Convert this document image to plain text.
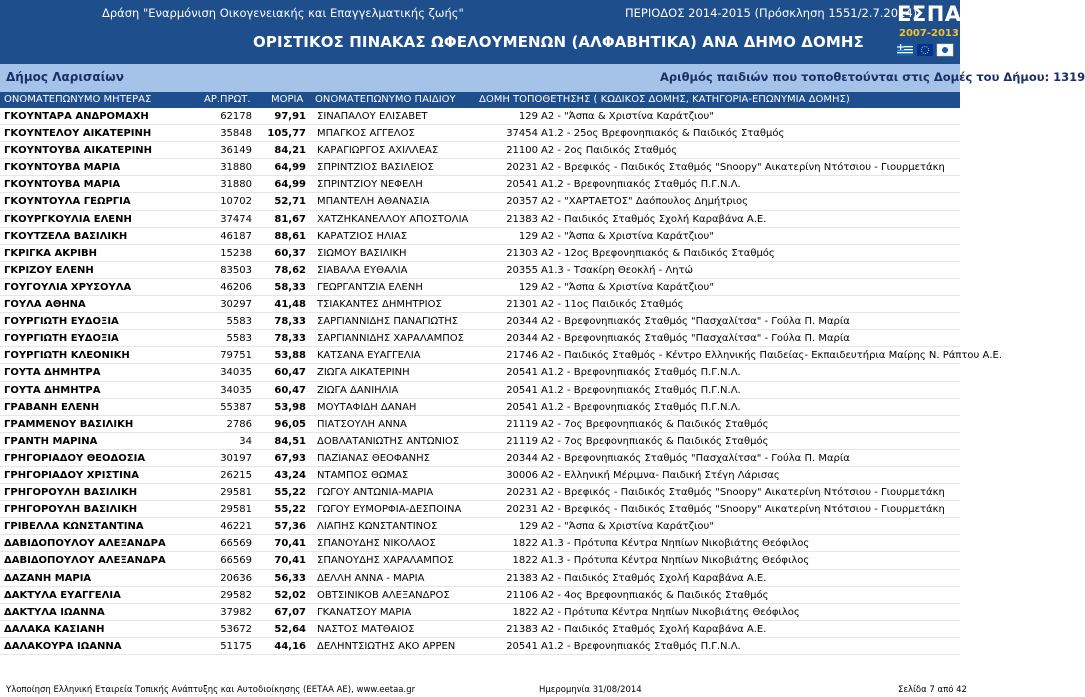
Δράση "Εναρμόνιση Οικογενειακής και Επαγγελματικής ζωής"	ΠΕΡΙΟΔΟΣ 2014-2015 (Πρόσκληση 1551/2.7.2014)
ΟΡΙΣΤΙΚΟΣ ΠΙΝΑΚΑΣ ΩΦΕΛΟΥΜΕΝΩΝ (ΑΛΦΑΒΗΤΙΚΑ) ΑΝΑ ΔΗΜΟ ΔΟΜΗΣ
ΕΣΠΑ
2007-2013
Δήμος Λαρισαίων	Αριθμός παιδιών που τοποθετούνται στις Δομές του Δήμου: 1319
ΟΝΟΜΑΤΕΠΩΝΥΜΟ ΜΗΤΕΡΑΣ	ΑΡ.ΠΡΩΤ. ΜΟΡΙΑ ΟΝΟΜΑΤΕΠΩΝΥΜΟ ΠΑΙΔΙΟΥ ΔΟΜΗ ΤΟΠΟΘΕΤΗΣΗΣ ( ΚΩΔΙΚΟΣ ΔΟΜΗΣ, ΚΑΤΗΓΟΡΙΑ-ΕΠΩΝΥΜΙΑ ΔΟΜΗΣ)
ΓΚΟΥΝΤΑΡΑ ΑΝΔΡΟΜΑΧΗ	62178	97,91 ΣΙΝΑΠΑΛΟΥ ΕΛΙΣΑΒΕΤ	129 Α2 - "Άσπα & Χριστίνα Καράτζιου"
ΓΚΟΥΝΤΕΛΟΥ ΑΙΚΑΤΕΡΙΝΗ	35848	105,77 ΜΠΑΓΚΟΣ ΑΓΓΕΛΟΣ	37454 Α1.2 - 25ος Βρεφονηπιακός & Παιδικός Σταθμός
ΓΚΟΥΝΤΟΥΒΑ ΑΙΚΑΤΕΡΙΝΗ	36149	84,21 ΚΑΡΑΓΙΩΡΓΟΣ ΑΧΙΛΛΕΑΣ	21100 Α2 - 2ος Παιδικός Σταθμός
ΓΚΟΥΝΤΟΥΒΑ ΜΑΡΙΑ	31880	64,99 ΣΠΡΙΝΤΖΙΟΣ ΒΑΣΙΛΕΙΟΣ	20231 Α2 - Βρεφικός - Παιδικός Σταθμός "Snoopy" Αικατερίνη Ντότσιου - Γιουρμετάκη
ΓΚΟΥΝΤΟΥΒΑ ΜΑΡΙΑ	31880	64,99 ΣΠΡΙΝΤΖΙΟΥ ΝΕΦΕΛΗ	20541 Α1.2 - Βρεφονηπιακός Σταθμός Π.Γ.Ν.Λ.
ΓΚΟΥΝΤΟΥΛΑ ΓΕΩΡΓΙΑ	10702	52,71 ΜΠΑΝΤΕΛΗ ΑΘΑΝΑΣΙΑ	20357 Α2 - "ΧΑΡΤΑΕΤΟΣ" Δαόπουλος Δημήτριος
ΓΚΟΥΡΓΚΟΥΛΙΑ ΕΛΕΝΗ	37474	81,67 ΧΑΤΖΗΚΑΝΕΛΛΟΥ ΑΠΟΣΤΟΛΙΑ	21383 Α2 - Παιδικός Σταθμός Σχολή Καραβάνα Α.Ε.
ΓΚΟΥΤΖΕΛΑ ΒΑΣΙΛΙΚΗ	46187	88,61 ΚΑΡΑΤΖΙΟΣ ΗΛΙΑΣ	129 Α2 - "Άσπα & Χριστίνα Καράτζιου"
ΓΚΡΙΓΚΑ ΑΚΡΙΒΗ	15238	60,37 ΣΙΩΜΟΥ ΒΑΣΙΛΙΚΗ	21303 Α2 - 12ος Βρεφονηπιακός & Παιδικός Σταθμός
ΓΚΡΙΖΟΥ ΕΛΕΝΗ	83503	78,62 ΣΙΑΒΑΛΑ ΕΥΘΑΛΙΑ	20355 Α1.3 - Τσακίρη Θεοκλή - Λητώ
ΓΟΥΓΟΥΛΙΑ ΧΡΥΣΟΥΛΑ	46206	58,33 ΓΕΩΡΓΑΝΤΖΙΑ ΕΛΕΝΗ	129 Α2 - "Άσπα & Χριστίνα Καράτζιου"
ΓΟΥΛΑ ΑΘΗΝΑ	30297	41,48 ΤΣΙΑΚΑΝΤΕΣ ΔΗΜΗΤΡΙΟΣ	21301 Α2 - 11ος Παιδικός Σταθμός
ΓΟΥΡΓΙΩΤΗ ΕΥΔΟΞΙΑ	5583	78,33 ΣΑΡΓΙΑΝΝΙΔΗΣ ΠΑΝΑΓΙΩΤΗΣ	20344 Α2 - Βρεφονηπιακός Σταθμός "Πασχαλίτσα" - Γούλα Π. Μαρία
ΓΟΥΡΓΙΩΤΗ ΕΥΔΟΞΙΑ	5583	78,33 ΣΑΡΓΙΑΝΝΙΔΗΣ ΧΑΡΑΛΑΜΠΟΣ	20344 Α2 - Βρεφονηπιακός Σταθμός "Πασχαλίτσα" - Γούλα Π. Μαρία
ΓΟΥΡΓΙΩΤΗ ΚΛΕΟΝΙΚΗ	79751	53,88 ΚΑΤΣΑΝΑ ΕΥΑΓΓΕΛΙΑ	21746 Α2 - Παιδικός Σταθμός - Κέντρο Ελληνικής Παιδείας- Εκπαιδευτήρια Μαίρης Ν. Ράπτου Α.Ε.
ΓΟΥΤΑ ΔΗΜΗΤΡΑ	34035	60,47 ΖΙΩΓΑ ΑΙΚΑΤΕΡΙΝΗ	20541 Α1.2 - Βρεφονηπιακός Σταθμός Π.Γ.Ν.Λ.
ΓΟΥΤΑ ΔΗΜΗΤΡΑ	34035	60,47 ΖΙΩΓΑ ΔΑΝΙΗΛΙΑ	20541 Α1.2 - Βρεφονηπιακός Σταθμός Π.Γ.Ν.Λ.
ΓΡΑΒΑΝΗ ΕΛΕΝΗ	55387	53,98 ΜΟΥΤΑΦΙΔΗ ΔΑΝΑΗ	20541 Α1.2 - Βρεφονηπιακός Σταθμός Π.Γ.Ν.Λ.
ΓΡΑΜΜΕΝΟΥ ΒΑΣΙΛΙΚΗ	2786	96,05 ΠΙΑΤΣΟΥΛΗ ΑΝΝΑ	21119 Α2 - 7ος Βρεφονηπιακός & Παιδικός Σταθμός
ΓΡΑΝΤΗ ΜΑΡΙΝΑ	34	84,51 ΔΟΒΛΑΤΑΝΙΩΤΗΣ ΑΝΤΩΝΙΟΣ	21119 Α2 - 7ος Βρεφονηπιακός & Παιδικός Σταθμός
ΓΡΗΓΟΡΙΑΔΟΥ ΘΕΟΔΟΣΙΑ	30197	67,93 ΠΑΖΙΑΝΑΣ ΘΕΟΦΑΝΗΣ	20344 Α2 - Βρεφονηπιακός Σταθμός "Πασχαλίτσα" - Γούλα Π. Μαρία
ΓΡΗΓΟΡΙΑΔΟΥ ΧΡΙΣΤΙΝΑ	26215	43,24 ΝΤΑΜΠΟΣ ΘΩΜΑΣ	30006 Α2 - Ελληνική Μέριμνα- Παιδική Στέγη Λάρισας
ΓΡΗΓΟΡΟΥΛΗ ΒΑΣΙΛΙΚΗ	29581	55,22 ΓΩΓΟΥ ΑΝΤΩΝΙΑ-ΜΑΡΙΑ	20231 Α2 - Βρεφικός - Παιδικός Σταθμός "Snoopy" Αικατερίνη Ντότσιου - Γιουρμετάκη
ΓΡΗΓΟΡΟΥΛΗ ΒΑΣΙΛΙΚΗ	29581	55,22 ΓΩΓΟΥ ΕΥΜΟΡΦΙΑ-ΔΕΣΠΟΙΝΑ	20231 Α2 - Βρεφικός - Παιδικός Σταθμός "Snoopy" Αικατερίνη Ντότσιου - Γιουρμετάκη
ΓΡΙΒΕΛΛΑ ΚΩΝΣΤΑΝΤΙΝΑ	46221	57,36 ΛΙΑΠΗΣ ΚΩΝΣΤΑΝΤΙΝΟΣ	129 Α2 - "Άσπα & Χριστίνα Καράτζιου"
ΔΑΒΙΔΟΠΟΥΛΟΥ ΑΛΕΞΑΝΔΡΑ	66569	70,41 ΣΠΑΝΟΥΔΗΣ ΝΙΚΟΛΑΟΣ	1822 Α1.3 - Πρότυπα Κέντρα Νηπίων Νικοβιάτης Θεόφιλος
ΔΑΒΙΔΟΠΟΥΛΟΥ ΑΛΕΞΑΝΔΡΑ	66569	70,41 ΣΠΑΝΟΥΔΗΣ ΧΑΡΑΛΑΜΠΟΣ	1822 Α1.3 - Πρότυπα Κέντρα Νηπίων Νικοβιάτης Θεόφιλος
ΔΑΖΑΝΗ ΜΑΡΙΑ	20636	56,33 ΔΕΛΛΗ ΑΝΝΑ - ΜΑΡΙΑ	21383 Α2 - Παιδικός Σταθμός Σχολή Καραβάνα Α.Ε.
ΔΑΚΤΥΛΑ ΕΥΑΓΓΕΛΙΑ	29582	52,02 ΟΒΤΣΙΝΙΚΟΒ ΑΛΕΞΑΝΔΡΟΣ	21106 Α2 - 4ος Βρεφονηπιακός & Παιδικός Σταθμός
ΔΑΚΤΥΛΑ ΙΩΑΝΝΑ	37982	67,07 ΓΚΑΝΑΤΣΟΥ ΜΑΡΙΑ	1822 Α2 - Πρότυπα Κέντρα Νηπίων Νικοβιάτης Θεόφιλος
ΔΑΛΑΚΑ ΚΑΣΙΑΝΗ	53672	52,64 ΝΑΣΤΟΣ ΜΑΤΘΑΙΟΣ	21383 Α2 - Παιδικός Σταθμός Σχολή Καραβάνα Α.Ε.
ΔΑΛΑΚΟΥΡΑ ΙΩΑΝΝΑ	51175	44,16 ΔΕΛΗΝΤΣΙΩΤΗΣ ΑΚΟ ΑΡΡΕΝ	20541 Α1.2 - Βρεφονηπιακός Σταθμός Π.Γ.Ν.Λ.
Υλοποίηση Ελληνική Εταιρεία Τοπικής Ανάπτυξης και Αυτοδιοίκησης (ΕΕΤΑΑ ΑΕ), www.eetaa.gr	Ημερομηνία 31/08/2014	Σελίδα 7 από 42
